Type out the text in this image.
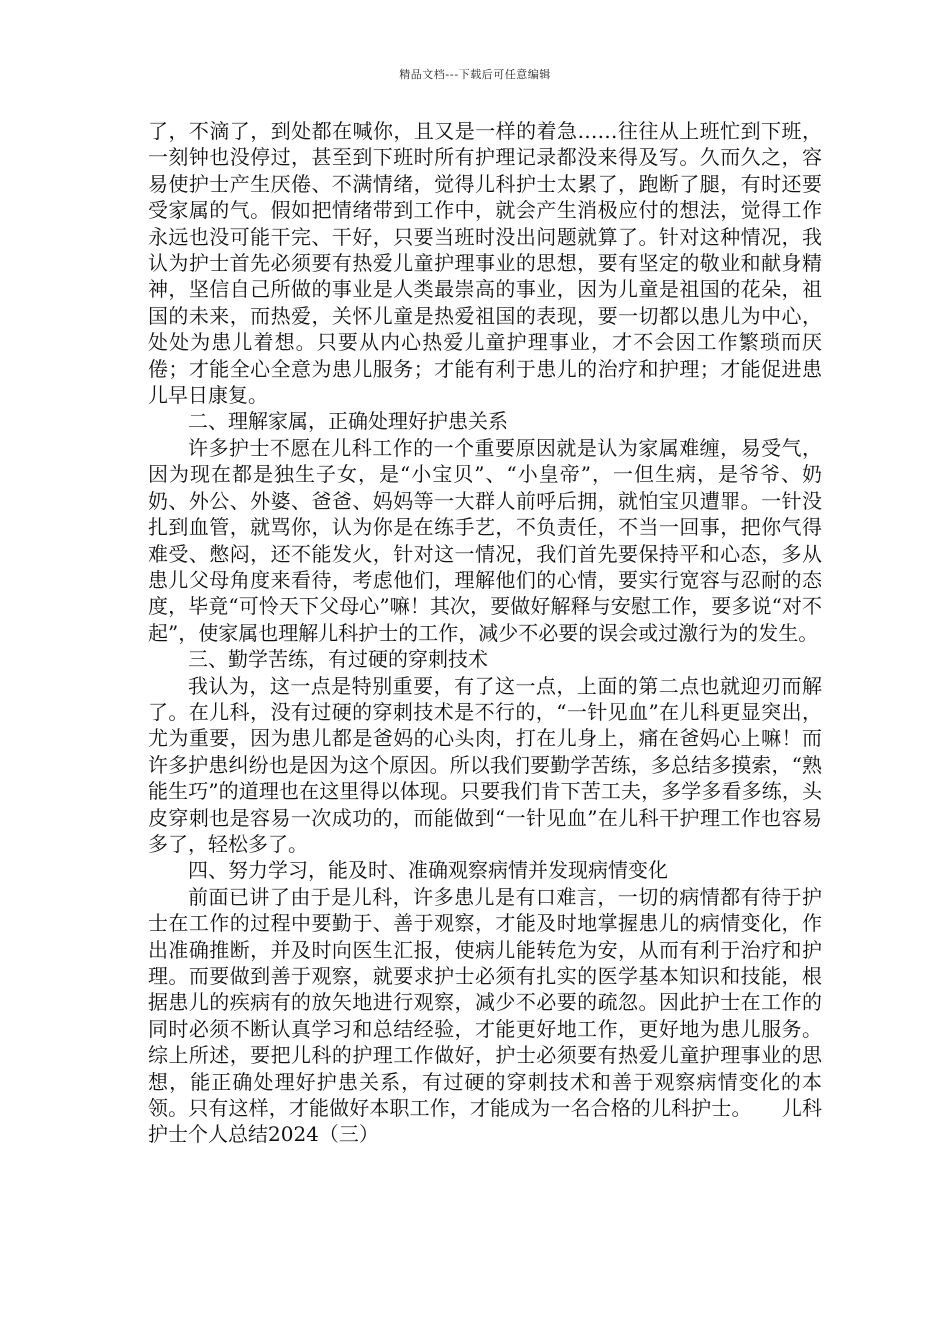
精品文档---下载后可任意编辑

了，不滴了，到处都在喊你，且又是一样的着急……往往从上班忙到下班，一刻钟也没停过，甚至到下班时所有护理记录都没来得及写。久而久之，容易使护士产生厌倦、不满情绪，觉得儿科护士太累了，跑断了腿，有时还要受家属的气。假如把情绪带到工作中，就会产生消极应付的想法，觉得工作永远也没可能干完、干好，只要当班时没出问题就算了。针对这种情况，我认为护士首先必须要有热爱儿童护理事业的思想，要有坚定的敬业和献身精神，坚信自己所做的事业是人类最崇高的事业，因为儿童是祖国的花朵，祖国的未来，而热爱，关怀儿童是热爱祖国的表现，要一切都以患儿为中心，处处为患儿着想。只要从内心热爱儿童护理事业，才不会因工作繁琐而厌倦；才能全心全意为患儿服务；才能有利于患儿的治疗和护理；才能促进患儿早日康复。

二、理解家属，正确处理好护患关系

许多护士不愿在儿科工作的一个重要原因就是认为家属难缠，易受气，因为现在都是独生子女，是“小宝贝”、“小皇帝”，一但生病，是爷爷、奶奶、外公、外婆、爸爸、妈妈等一大群人前呼后拥，就怕宝贝遭罪。一针没扎到血管，就骂你，认为你是在练手艺，不负责任，不当一回事，把你气得难受、憋闷，还不能发火，针对这一情况，我们首先要保持平和心态，多从患儿父母角度来看待，考虑他们，理解他们的心情，要实行宽容与忍耐的态度，毕竟“可怜天下父母心”嘛！其次，要做好解释与安慰工作，要多说“对不起”，使家属也理解儿科护士的工作，减少不必要的误会或过激行为的发生。

三、勤学苦练，有过硬的穿刺技术

我认为，这一点是特别重要，有了这一点，上面的第二点也就迎刃而解了。在儿科，没有过硬的穿刺技术是不行的，“一针见血”在儿科更显突出，尤为重要，因为患儿都是爸妈的心头肉，打在儿身上，痛在爸妈心上嘛！而许多护患纠纷也是因为这个原因。所以我们要勤学苦练，多总结多摸索，“熟能生巧”的道理也在这里得以体现。只要我们肯下苦工夫，多学多看多练，头皮穿刺也是容易一次成功的，而能做到“一针见血”在儿科干护理工作也容易多了，轻松多了。

四、努力学习，能及时、准确观察病情并发现病情变化

前面已讲了由于是儿科，许多患儿是有口难言，一切的病情都有待于护士在工作的过程中要勤于、善于观察，才能及时地掌握患儿的病情变化，作出准确推断，并及时向医生汇报，使病儿能转危为安，从而有利于治疗和护理。而要做到善于观察，就要求护士必须有扎实的医学基本知识和技能，根据患儿的疾病有的放矢地进行观察，减少不必要的疏忽。因此护士在工作的同时必须不断认真学习和总结经验，才能更好地工作，更好地为患儿服务。综上所述，要把儿科的护理工作做好，护士必须要有热爱儿童护理事业的思想，能正确处理好护患关系，有过硬的穿刺技术和善于观察病情变化的本领。只有这样，才能做好本职工作，才能成为一名合格的儿科护士。　　儿科护士个人总结2024（三）
